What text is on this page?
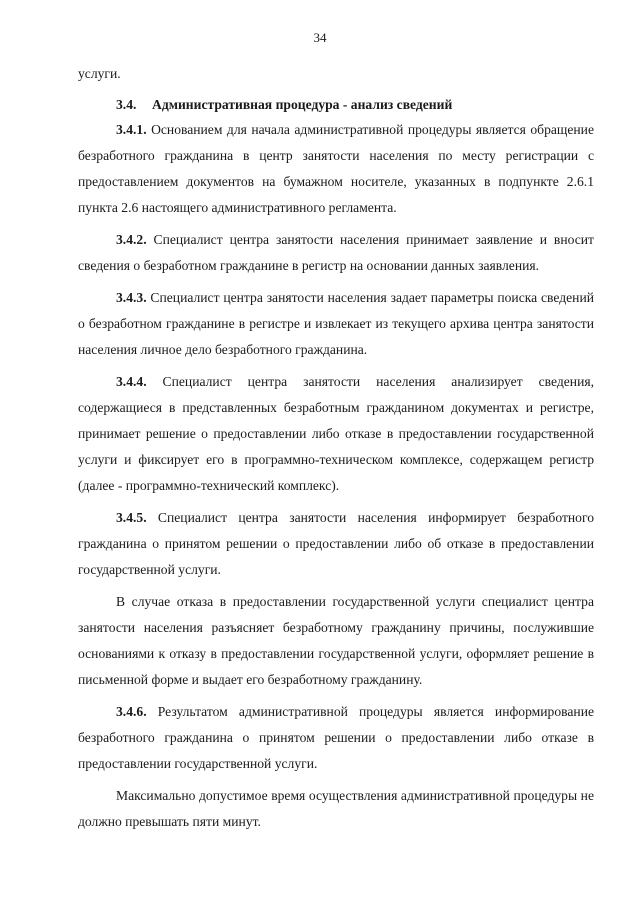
34

услуги.

3.4. Административная процедура - анализ сведений

3.4.1. Основанием для начала административной процедуры является обращение безработного гражданина в центр занятости населения по месту регистрации с предоставлением документов на бумажном носителе, указанных в подпункте 2.6.1 пункта 2.6 настоящего административного регламента.

3.4.2. Специалист центра занятости населения принимает заявление и вносит сведения о безработном гражданине в регистр на основании данных заявления.

3.4.3. Специалист центра занятости населения задает параметры поиска сведений о безработном гражданине в регистре и извлекает из текущего архива центра занятости населения личное дело безработного гражданина.

3.4.4. Специалист центра занятости населения анализирует сведения, содержащиеся в представленных безработным гражданином документах и регистре, принимает решение о предоставлении либо отказе в предоставлении государственной услуги и фиксирует его в программно-техническом комплексе, содержащем регистр (далее - программно-технический комплекс).

3.4.5. Специалист центра занятости населения информирует безработного гражданина о принятом решении о предоставлении либо об отказе в предоставлении государственной услуги.

В случае отказа в предоставлении государственной услуги специалист центра занятости населения разъясняет безработному гражданину причины, послужившие основаниями к отказу в предоставлении государственной услуги, оформляет решение в письменной форме и выдает его безработному гражданину.

3.4.6. Результатом административной процедуры является информирование безработного гражданина о принятом решении о предоставлении либо отказе в предоставлении государственной услуги.

Максимально допустимое время осуществления административной процедуры не должно превышать пяти минут.
